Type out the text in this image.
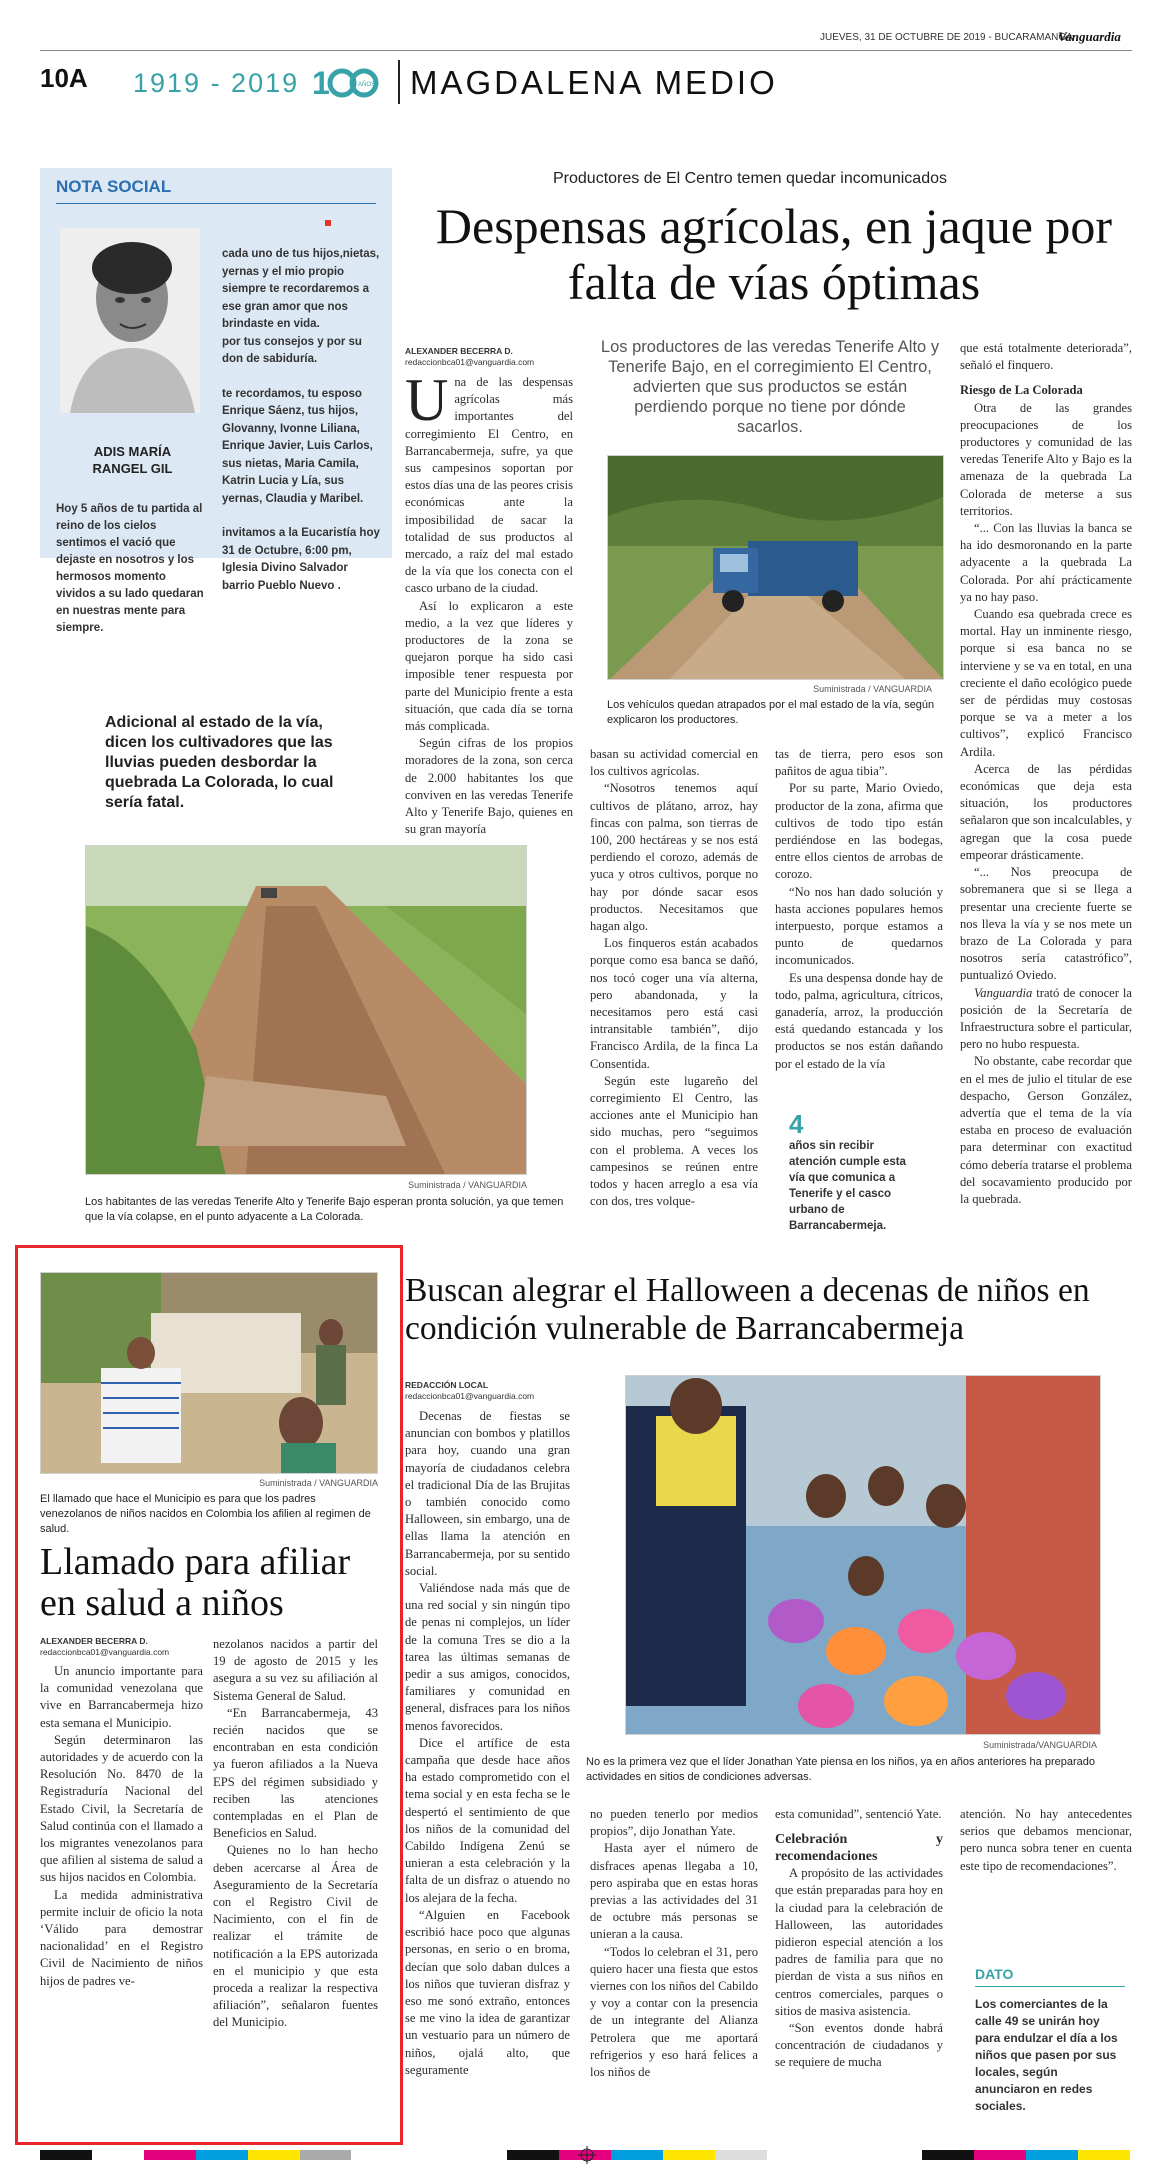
JUEVES, 31 DE OCTUBRE DE 2019 - BUCARAMANGA
Vanguardia
10A 1919 - 2019 1	AÑOS MAGDALENA MEDIO
NOTA SOCIAL
ADIS MARÍA RANGEL GIL
Hoy 5 años de tu partida al reino de los cielos sentimos el vació que dejaste en nosotros y los hermosos momento vividos a su lado quedaran en nuestras mente para siempre.

cada uno de tus hijos,nietas, yernas y el mio propio siempre te recordaremos a ese gran amor que nos brindaste en vida.

por tus consejos y por su don de sabiduría.

te recordamos, tu esposo Enrique Sáenz, tus hijos, Glovanny, Ivonne Liliana, Enrique Javier, Luis Carlos, sus nietas, Maria Camila, Katrin Lucia y Lía, sus yernas, Claudia y Maribel.

invitamos a la Eucaristía hoy 31 de Octubre, 6:00 pm, Iglesia Divino Salvador barrio Pueblo Nuevo .

Productores de El Centro temen quedar incomunicados
Despensas agrícolas, en jaque por falta de vías óptimas
ALEXANDER BECERRA D.
redaccionbca01@vanguardia.com
U na de las despensas agrícolas más importantes del corregimiento El Centro, en Barrancabermeja, sufre, ya que sus campesinos soportan por estos días una de las peores crisis económicas ante la imposibilidad de sacar la totalidad de sus productos al mercado, a raíz del mal estado de la vía que los conecta con el casco urbano de la ciudad.

Así lo explicaron a este medio, a la vez que líderes y productores de la zona se quejaron porque ha sido casi imposible tener respuesta por parte del Municipio frente a esta situación, que cada día se torna más complicada.

Según cifras de los propios moradores de la zona, son cerca de 2.000 habitantes los que conviven en las veredas Tenerife Alto y Tenerife Bajo, quienes en su gran mayoría

Los productores de las veredas Tenerife Alto y Tenerife Bajo, en el corregimiento El Centro, advierten que sus productos se están perdiendo porque no tiene por dónde sacarlos.
Suministrada / VANGUARDIA
Los vehículos quedan atrapados por el mal estado de la vía, según explicaron los productores.

basan su actividad comercial en los cultivos agrícolas.

“Nosotros tenemos aquí cultivos de plátano, arroz, hay fincas con palma, son tierras de 100, 200 hectáreas y se nos está perdiendo el corozo, además de yuca y otros cultivos, porque no hay por dónde sacar esos productos. Necesitamos que hagan algo.

Los finqueros están acabados porque como esa banca se dañó, nos tocó coger una vía alterna, pero abandonada, y la necesitamos pero está casi intransitable también”, dijo Francisco Ardila, de la finca La Consentida.

Según este lugareño del corregimiento El Centro, las acciones ante el Municipio han sido muchas, pero “seguimos con el problema. A veces los campesinos se reúnen entre todos y hacen arreglo a esa vía con dos, tres volque-

tas de tierra, pero esos son pañitos de agua tibia”.

Por su parte, Mario Oviedo, productor de la zona, afirma que cultivos de todo tipo están perdiéndose en las bodegas, entre ellos cientos de arrobas de corozo.

“No nos han dado solución y hasta acciones populares hemos interpuesto, porque estamos a punto de quedarnos incomunicados.

Es una despensa donde hay de todo, palma, agricultura, cítricos, ganadería, arroz, la producción está quedando estancada y los productos se nos están dañando por el estado de la vía

4
años sin recibir atención cumple esta vía que comunica a Tenerife y el casco urbano de Barrancabermeja.

que está totalmente deteriorada”, señaló el finquero.

Riesgo de La Colorada

Otra de las grandes preocupaciones de los productores y comunidad de las veredas Tenerife Alto y Bajo es la amenaza de la quebrada La Colorada de meterse a sus territorios.

“... Con las lluvias la banca se ha ido desmoronando en la parte adyacente a la quebrada La Colorada. Por ahí prácticamente ya no hay paso.

Cuando esa quebrada crece es mortal. Hay un inminente riesgo, porque si esa banca no se interviene y se va en total, en una creciente el daño ecológico puede ser de pérdidas muy costosas porque se va a meter a los cultivos”, explicó Francisco Ardila.

Acerca de las pérdidas económicas que deja esta situación, los productores señalaron que son incalculables, y agregan que la cosa puede empeorar drásticamente.

“... Nos preocupa de sobremanera que si se llega a presentar una creciente fuerte se nos lleva la vía y se nos mete un brazo de La Colorada y para nosotros sería catastrófico”, puntualizó Oviedo.

Vanguardia trató de conocer la posición de la Secretaría de Infraestructura sobre el particular, pero no hubo respuesta.

No obstante, cabe recordar que en el mes de julio el titular de ese despacho, Gerson González, advertía que el tema de la vía estaba en proceso de evaluación para determinar con exactitud cómo debería tratarse el problema del socavamiento producido por la quebrada.

Adicional al estado de la vía, dicen los cultivadores que las lluvias pueden desbordar la quebrada La Colorada, lo cual sería fatal.
Suministrada / VANGUARDIA
Los habitantes de las veredas Tenerife Alto y Tenerife Bajo esperan pronta solución, ya que temen que la vía colapse, en el punto adyacente a La Colorada.
Suministrada / VANGUARDIA
El llamado que hace el Municipio es para que los padres venezolanos de niños nacidos en Colombia los afilien al regimen de salud.
Llamado para afiliar en salud a niños
ALEXANDER BECERRA D.
redaccionbca01@vanguardia.com

Un anuncio importante para la comunidad venezolana que vive en Barrancabermeja hizo esta semana el Municipio.

Según determinaron las autoridades y de acuerdo con la Resolución No. 8470 de la Registraduría Nacional del Estado Civil, la Secretaría de Salud continúa con el llamado a los migrantes venezolanos para que afilien al sistema de salud a sus hijos nacidos en Colombia.

La medida administrativa permite incluir de oficio la nota ‘Válido para demostrar nacionalidad’ en el Registro Civil de Nacimiento de niños hijos de padres ve-

nezolanos nacidos a partir del 19 de agosto de 2015 y les asegura a su vez su afiliación al Sistema General de Salud.

“En Barrancabermeja, 43 recién nacidos que se encontraban en esta condición ya fueron afiliados a la Nueva EPS del régimen subsidiado y reciben las atenciones contempladas en el Plan de Beneficios en Salud.

Quienes no lo han hecho deben acercarse al Área de Aseguramiento de la Secretaría con el Registro Civil de Nacimiento, con el fin de realizar el trámite de notificación a la EPS autorizada en el municipio y que esta proceda a realizar la respectiva afiliación”, señalaron fuentes del Municipio.

Buscan alegrar el Halloween a decenas de niños en condición vulnerable de Barrancabermeja
REDACCIÓN LOCAL
redaccionbca01@vanguardia.com

Decenas de fiestas se anuncian con bombos y platillos para hoy, cuando una gran mayoría de ciudadanos celebra el tradicional Día de las Brujitas o también conocido como Halloween, sin embargo, una de ellas llama la atención en Barrancabermeja, por su sentido social.

Valiéndose nada más que de una red social y sin ningún tipo de penas ni complejos, un líder de la comuna Tres se dio a la tarea las últimas semanas de pedir a sus amigos, conocidos, familiares y comunidad en general, disfraces para los niños menos favorecidos.

Dice el artífice de esta campaña que desde hace años ha estado comprometido con el tema social y en esta fecha se le despertó el sentimiento de que los niños de la comunidad del Cabildo Indígena Zenú se unieran a esta celebración y la falta de un disfraz o atuendo no los alejara de la fecha.

“Alguien en Facebook escribió hace poco que algunas personas, en serio o en broma, decían que solo daban dulces a los niños que tuvieran disfraz y eso me sonó extraño, entonces se me vino la idea de garantizar un vestuario para un número de niños, ojalá alto, que seguramente

Suministrada/VANGUARDIA
No es la primera vez que el líder Jonathan Yate piensa en los niños, ya en años anteriores ha preparado actividades en sitios de condiciones adversas.

no pueden tenerlo por medios propios”, dijo Jonathan Yate.

Hasta ayer el número de disfraces apenas llegaba a 10, pero aspiraba que en estas horas previas a las actividades del 31 de octubre más personas se unieran a la causa.

“Todos lo celebran el 31, pero quiero hacer una fiesta que estos viernes con los niños del Cabildo y voy a contar con la presencia de un integrante del Alianza Petrolera que me aportará refrigerios y eso hará felices a los niños de

esta comunidad”, sentenció Yate.

Celebración y recomendaciones

A propósito de las actividades que están preparadas para hoy en la ciudad para la celebración de Halloween, las autoridades pidieron especial atención a los padres de familia para que no pierdan de vista a sus niños en centros comerciales, parques o sitios de masiva asistencia.

“Son eventos donde habrá concentración de ciudadanos y se requiere de mucha

atención. No hay antecedentes serios que debamos mencionar, pero nunca sobra tener en cuenta este tipo de recomendaciones”.

DATO
Los comerciantes de la calle 49 se unirán hoy para endulzar el día a los niños que pasen por sus locales, según anunciaron en redes sociales.
